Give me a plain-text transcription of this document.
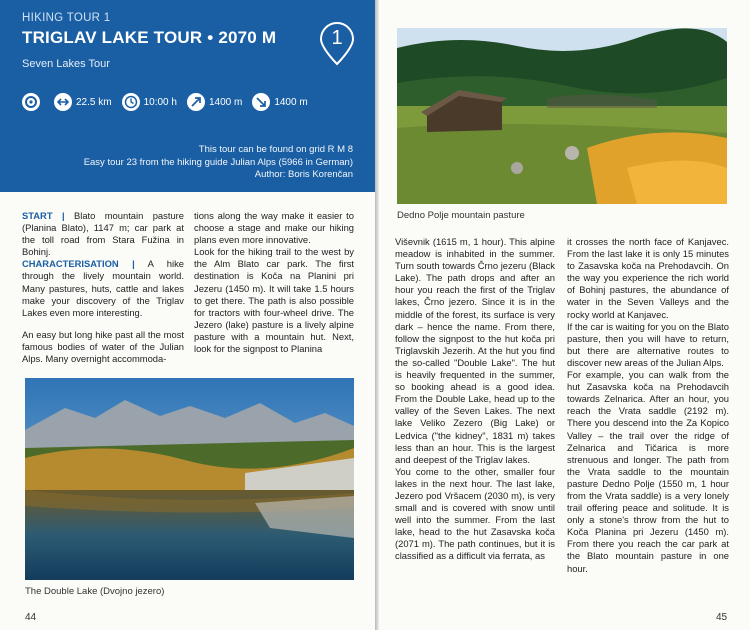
HIKING TOUR 1
TRIGLAV LAKE TOUR • 2070 M
Seven Lakes Tour
1
22.5 km	10:00 h	1400 m	1400 m
This tour can be found on grid R M 8
Easy tour 23 from the hiking guide Julian Alps (5966 in German)
Author: Boris Korenčan

START | Blato mountain pasture (Planina Blato), 1147 m; car park at the toll road from Stara Fužina in Bohinj.

CHARACTERISATION | A hike through the lively mountain world. Many pastures, huts, cattle and lakes make your discovery of the Triglav Lakes even more interesting.

An easy but long hike past all the most famous bodies of water of the Julian Alps. Many overnight accommoda-

tions along the way make it easier to choose a stage and make our hiking plans even more innovative.
Look for the hiking trail to the west by the Alm Blato car park. The first destination is Koča na Planini pri Jezeru (1450 m). It will take 1.5 hours to get there. The path is also possible for tractors with four-wheel drive. The Jezero (lake) pasture is a lively alpine pasture with a mountain hut. Next, look for the signpost to Planina
The Double Lake (Dvojno jezero)
44
Dedno Polje mountain pasture
Viševnik (1615 m, 1 hour). This alpine meadow is inhabited in the summer. Turn south towards Črno jezeru (Black Lake). The path drops and after an hour you reach the first of the Triglav lakes, Črno jezero. Since it is in the middle of the forest, its surface is very dark – hence the name. From there, follow the signpost to the hut koča pri Triglavskih Jezerih. At the hut you find the so-called "Double Lake". The hut is heavily frequented in the summer, so booking ahead is a good idea. From the Double Lake, head up to the valley of the Seven Lakes. The next lake Veliko Zezero (Big Lake) or Ledvica ("the kidney", 1831 m) takes less than an hour. This is the largest and deepest of the Triglav lakes.
You come to the other, smaller four lakes in the next hour. The last lake, Jezero pod Vršacem (2030 m), is very small and is covered with snow until well into the summer. From the last lake, head to the hut Zasavska koča (2071 m). The path continues, but it is classified as a difficult via ferrata, as
it crosses the north face of Kanjavec. From the last lake it is only 15 minutes to Zasavska koča na Prehodavcih. On the way you experience the rich world of Bohinj pastures, the abundance of water in the Seven Valleys and the rocky world at Kanjavec.
If the car is waiting for you on the Blato pasture, then you will have to return, but there are alternative routes to discover new areas of the Julian Alps.
For example, you can walk from the hut Zasavska koča na Prehodavcih towards Zelnarica. After an hour, you reach the Vrata saddle (2192 m). There you descend into the Za Kopico Valley – the trail over the ridge of Zelnarica and Tičarica is more strenuous and longer. The path from the Vrata saddle to the mountain pasture Dedno Polje (1550 m, 1 hour from the Vrata saddle) is a very lonely trail offering peace and solitude. It is only a stone's throw from the hut to Koča Planina pri Jezeru (1450 m). From there you reach the car park at the Blato mountain pasture in one hour.
45
